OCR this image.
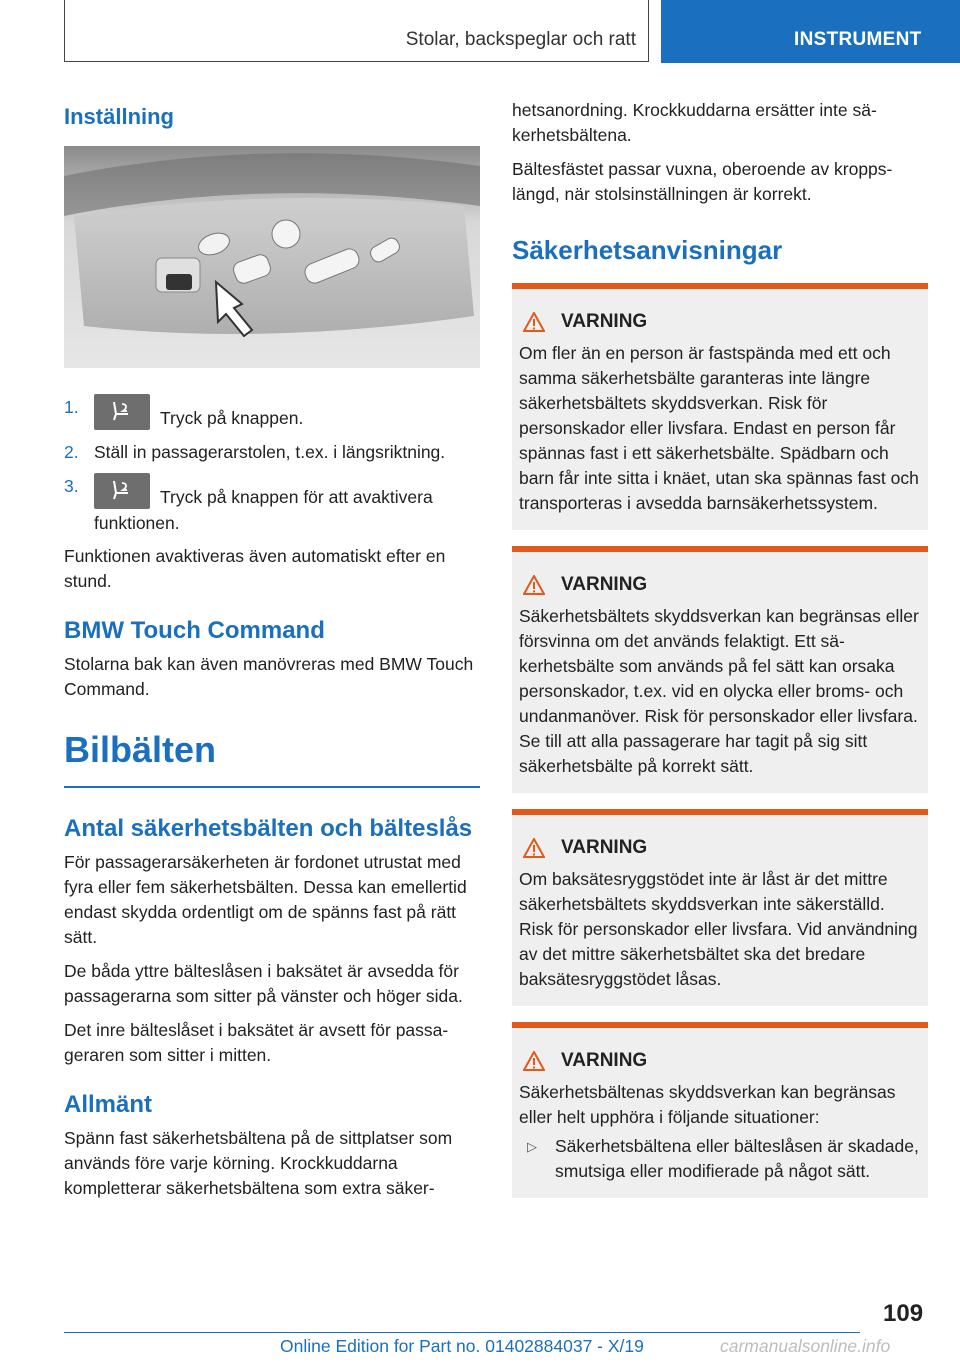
Stolar, backspeglar och ratt	INSTRUMENT
Inställning
1.
Tryck på knappen.
2. Ställ in passagerarstolen, t.ex. i längsriktning.
3.
Tryck på knappen för att avaktivera funktionen.

Funktionen avaktiveras även automatiskt efter en stund.

BMW Touch Command

Stolarna bak kan även manövreras med BMW Touch Command.

Bilbälten
Antal säkerhetsbälten och bälteslås

För passagerarsäkerheten är fordonet utrustat med fyra eller fem säkerhetsbälten. Dessa kan emellertid endast skydda ordentligt om de spänns fast på rätt sätt.

De båda yttre bälteslåsen i baksätet är avsedda för passagerarna som sitter på vänster och höger sida.

Det inre bälteslåset i baksätet är avsett för passageraren som sitter i mitten.

Allmänt

Spänn fast säkerhetsbältena på de sittplatser som används före varje körning. Krockkuddarna kompletterar säkerhetsbältena som extra säker-

hetsanordning. Krockkuddarna ersätter inte säkerhetsbältena.

Bältesfästet passar vuxna, oberoende av kroppslängd, när stolsinställningen är korrekt.

Säkerhetsanvisningar
VARNING

Om fler än en person är fastspända med ett och samma säkerhetsbälte garanteras inte längre säkerhetsbältets skyddsverkan. Risk för personskador eller livsfara. Endast en person får spännas fast i ett säkerhetsbälte. Spädbarn och barn får inte sitta i knäet, utan ska spännas fast och transporteras i avsedda barnsäkerhetssystem.

VARNING

Säkerhetsbältets skyddsverkan kan begränsas eller försvinna om det används felaktigt. Ett säkerhetsbälte som används på fel sätt kan orsaka personskador, t.ex. vid en olycka eller broms- och undanmanöver. Risk för personskador eller livsfara. Se till att alla passagerare har tagit på sig sitt säkerhetsbälte på korrekt sätt.

VARNING

Om baksätesryggstödet inte är låst är det mittre säkerhetsbältets skyddsverkan inte säkerställd. Risk för personskador eller livsfara. Vid användning av det mittre säkerhetsbältet ska det bredare baksätesryggstödet låsas.

VARNING

Säkerhetsbältenas skyddsverkan kan begränsas eller helt upphöra i följande situationer:

▷ Säkerhetsbältena eller bälteslåsen är skadade, smutsiga eller modifierade på något sätt.
109
Online Edition for Part no. 01402884037 - X/19	carmanualsonline.info
